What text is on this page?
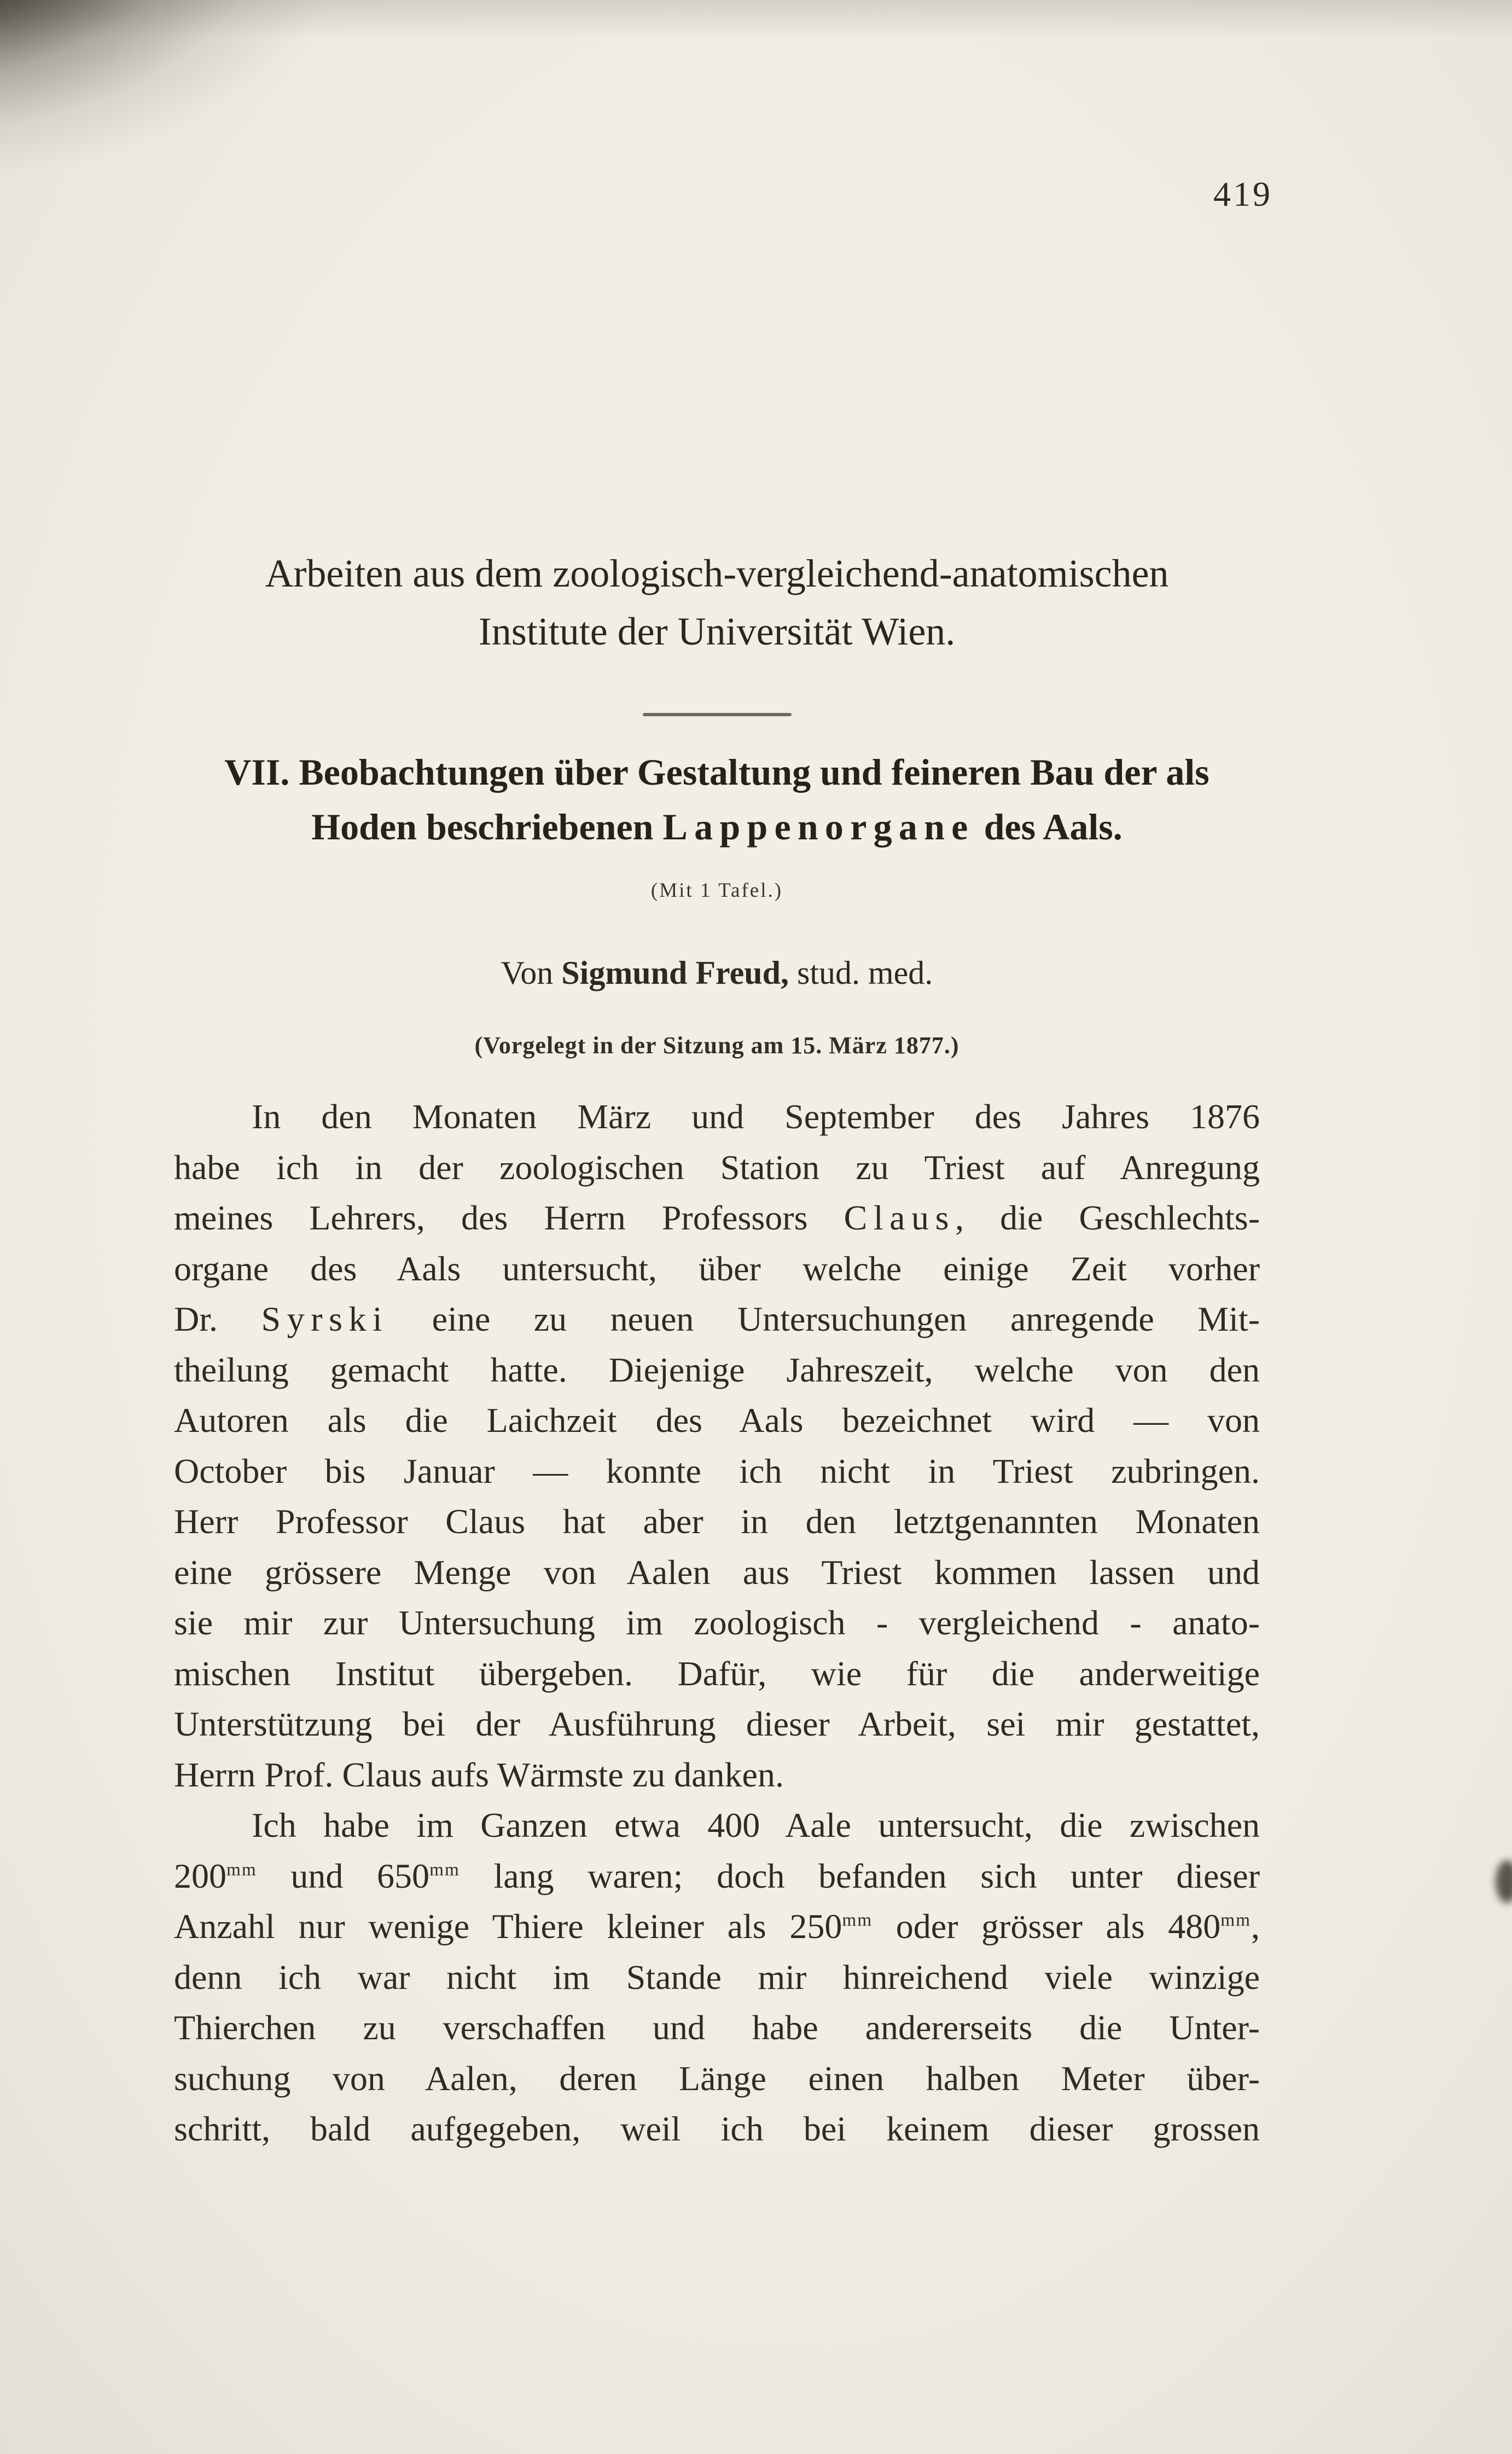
419
Arbeiten aus dem zoologisch-vergleichend-anatomischen
Institute der Universität Wien.
VII. Beobachtungen über Gestaltung und feineren Bau der als
Hoden beschriebenen Lappenorgane des Aals.
(Mit 1 Tafel.)
Von Sigmund Freud, stud. med.
(Vorgelegt in der Sitzung am 15. März 1877.)
In den Monaten März und September des Jahres 1876
habe ich in der zoologischen Station zu Triest auf Anregung
meines Lehrers, des Herrn Professors Claus, die Geschlechts-
organe des Aals untersucht, über welche einige Zeit vorher
Dr. Syrski eine zu neuen Untersuchungen anregende Mit-
theilung gemacht hatte. Diejenige Jahreszeit, welche von den
Autoren als die Laichzeit des Aals bezeichnet wird — von
October bis Januar — konnte ich nicht in Triest zubringen.
Herr Professor Claus hat aber in den letztgenannten Monaten
eine grössere Menge von Aalen aus Triest kommen lassen und
sie mir zur Untersuchung im zoologisch - vergleichend - anato-
mischen Institut übergeben. Dafür, wie für die anderweitige
Unterstützung bei der Ausführung dieser Arbeit, sei mir gestattet,
Herrn Prof. Claus aufs Wärmste zu danken.
Ich habe im Ganzen etwa 400 Aale untersucht, die zwischen
$200^{mm}$ und $650^{mm}$ lang waren; doch befanden sich unter dieser
Anzahl nur wenige Thiere kleiner als $250^{mm}$ oder grösser als $480^{mm}$,
denn ich war nicht im Stande mir hinreichend viele winzige
Thierchen zu verschaffen und habe andererseits die Unter-
suchung von Aalen, deren Länge einen halben Meter über-
schritt, bald aufgegeben, weil ich bei keinem dieser grossen
